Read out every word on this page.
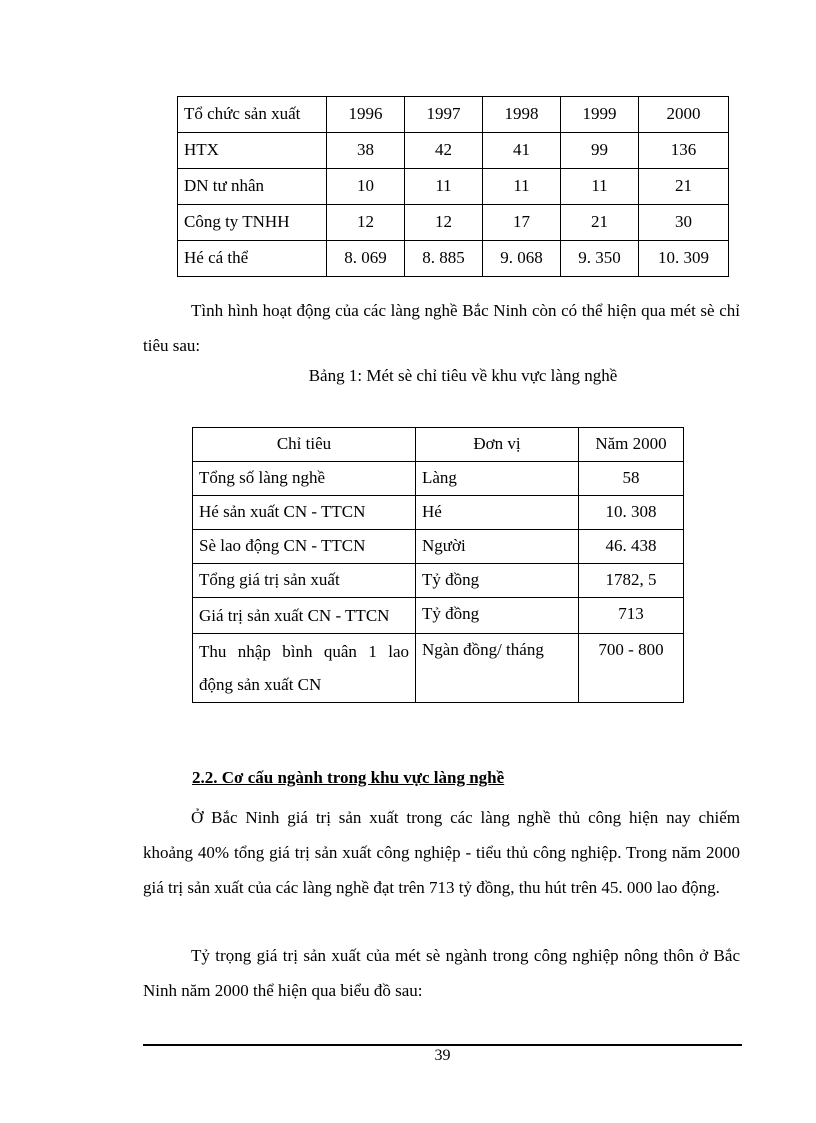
Tổ chức sản xuất	1996	1997	1998	1999	2000
HTX	38	42	41	99	136
DN tư nhân	10	11	11	11	21
Công ty TNHH	12	12	17	21	30
Hé cá thể	8. 069	8. 885	9. 068	9. 350	10. 309

Tình hình hoạt động của các làng nghề Bắc Ninh còn có thể hiện qua mét sè chỉ tiêu sau:

Bảng 1: Mét sè chỉ tiêu về khu vực làng nghề
Chỉ tiêu	Đơn vị	Năm 2000
Tổng số làng nghề	Làng	58
Hé sản xuất CN - TTCN	Hé	10. 308
Sè lao động CN - TTCN	Người	46. 438
Tổng giá trị sản xuất	Tỷ đồng	1782, 5
Giá trị sản xuất CN - TTCN	Tỷ đồng	713
Thu nhập bình quân 1 lao động sản xuất CN	Ngàn đồng/ tháng	700 - 800
2.2. Cơ cấu ngành trong khu vực làng nghề

Ở Bắc Ninh giá trị sản xuất trong các làng nghề thủ công hiện nay chiếm khoảng 40% tổng giá trị sản xuất công nghiệp - tiểu thủ công nghiệp. Trong năm 2000 giá trị sản xuất của các làng nghề đạt trên 713 tỷ đồng, thu hút trên 45. 000 lao động.

Tỷ trọng giá trị sản xuất của mét sè ngành trong công nghiệp nông thôn ở Bắc Ninh năm 2000 thể hiện qua biểu đồ sau:

39
